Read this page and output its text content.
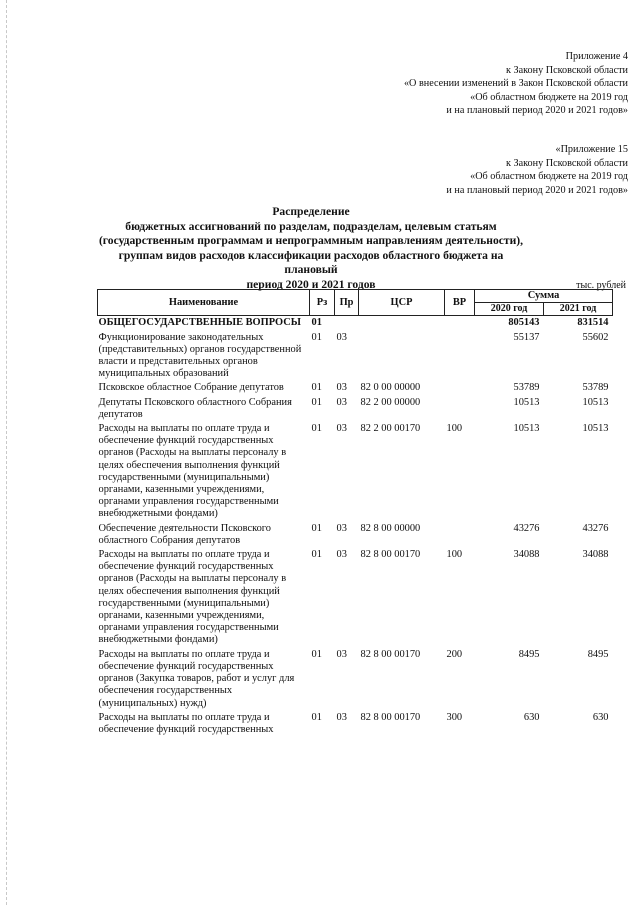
Приложение 4
к Закону Псковской области
«О внесении изменений в Закон Псковской области
«Об областном бюджете на 2019 год
и на плановый период 2020 и 2021 годов»
«Приложение 15
к Закону Псковской области
«Об областном бюджете на 2019 год
и на плановый период 2020 и 2021 годов»
Распределение
бюджетных ассигнований по разделам, подразделам, целевым статьям
(государственным программам и непрограммным направлениям деятельности),
группам видов расходов классификации расходов областного бюджета на плановый
период 2020 и 2021 годов	тыс. рублей
Наименование	Рз	Пр	ЦСР	ВР	Сумма	
					2020 год	2021 год
ОБЩЕГОСУДАРСТВЕННЫЕ ВОПРОСЫ	01				805143	831514
Функционирование законодательных (представительных) органов государственной власти и представительных органов муниципальных образований	01	03			55137	55602
Псковское областное Собрание депутатов	01	03	82 0 00 00000		53789	53789
Депутаты Псковского областного Собрания депутатов	01	03	82 2 00 00000		10513	10513
Расходы на выплаты по оплате труда и обеспечение функций государственных органов (Расходы на выплаты персоналу в целях обеспечения выполнения функций государственными (муниципальными) органами, казенными учреждениями, органами управления государственными внебюджетными фондами)	01	03	82 2 00 00170	100	10513	10513
Обеспечение деятельности Псковского областного Собрания депутатов	01	03	82 8 00 00000		43276	43276
Расходы на выплаты по оплате труда и обеспечение функций государственных органов (Расходы на выплаты персоналу в целях обеспечения выполнения функций государственными (муниципальными) органами, казенными учреждениями, органами управления государственными внебюджетными фондами)	01	03	82 8 00 00170	100	34088	34088
Расходы на выплаты по оплате труда и обеспечение функций государственных органов (Закупка товаров, работ и услуг для обеспечения государственных (муниципальных) нужд)	01	03	82 8 00 00170	200	8495	8495
Расходы на выплаты по оплате труда и обеспечение функций государственных	01	03	82 8 00 00170	300	630	630
